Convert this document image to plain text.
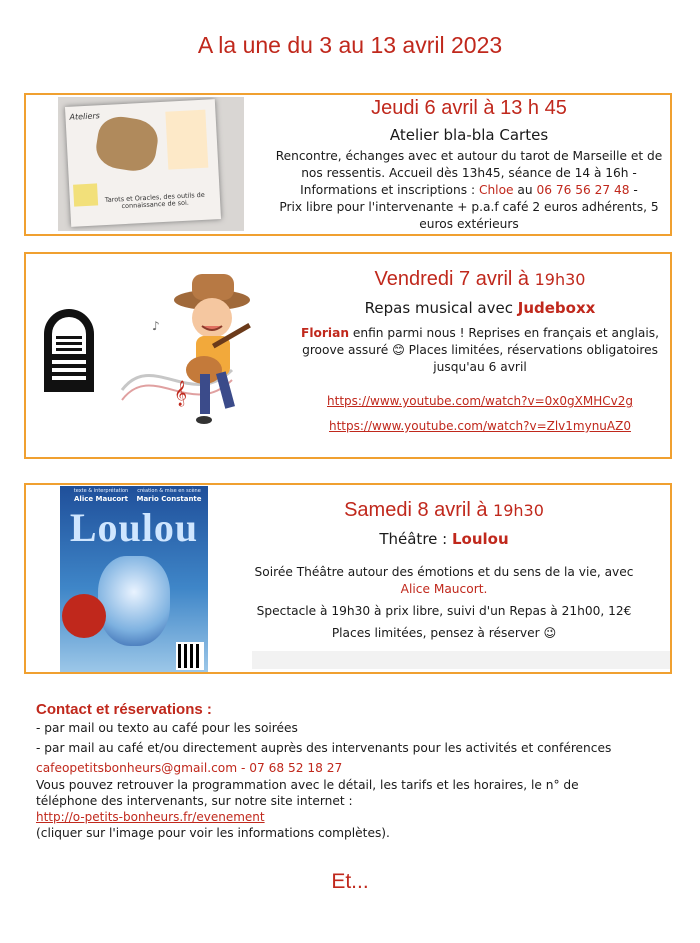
A la une du 3 au 13 avril 2023
Ateliers
Tarots et Oracles, des outils de connaissance de soi.
Jeudi 6 avril à 13 h 45
Atelier bla-bla Cartes
Rencontre, échanges avec et autour du tarot de Marseille et de
nos ressentis. Accueil dès 13h45, séance de 14 à 16h -
Informations et inscriptions : Chloe au 06 76 56 27 48 -
Prix libre pour l'intervenante + p.a.f café 2 euros adhérents, 5
euros extérieurs
𝄞
♪
Vendredi 7 avril à 19h30
Repas musical avec Judeboxx
Florian enfin parmi nous ! Reprises en français et anglais,
groove assuré 😊 Places limitées, réservations obligatoires
jusqu'au 6 avril
https://www.youtube.com/watch?v=0x0gXMHCv2g
https://www.youtube.com/watch?v=Zlv1mynuAZ0
texte & interprétation
Alice Maucort
création & mise en scène
Mario Constante
Loulou	Samedi 8 avril à 19h30
Théâtre : Loulou
Soirée Théâtre autour des émotions et du sens de la vie, avec
Alice Maucort.
Spectacle à 19h30 à prix libre, suivi d'un Repas à 21h00, 12€
Places limitées, pensez à réserver 😉
Contact et réservations :
- par mail ou texto au café pour les soirées
- par mail au café et/ou directement auprès des intervenants pour les activités et conférences
cafeopetitsbonheurs@gmail.com - 07 68 52 18 27
Vous pouvez retrouver la programmation avec le détail, les tarifs et les horaires, le n° de
téléphone des intervenants, sur notre site internet :
http://o-petits-bonheurs.fr/evenement
(cliquer sur l'image pour voir les informations complètes).
Et...
